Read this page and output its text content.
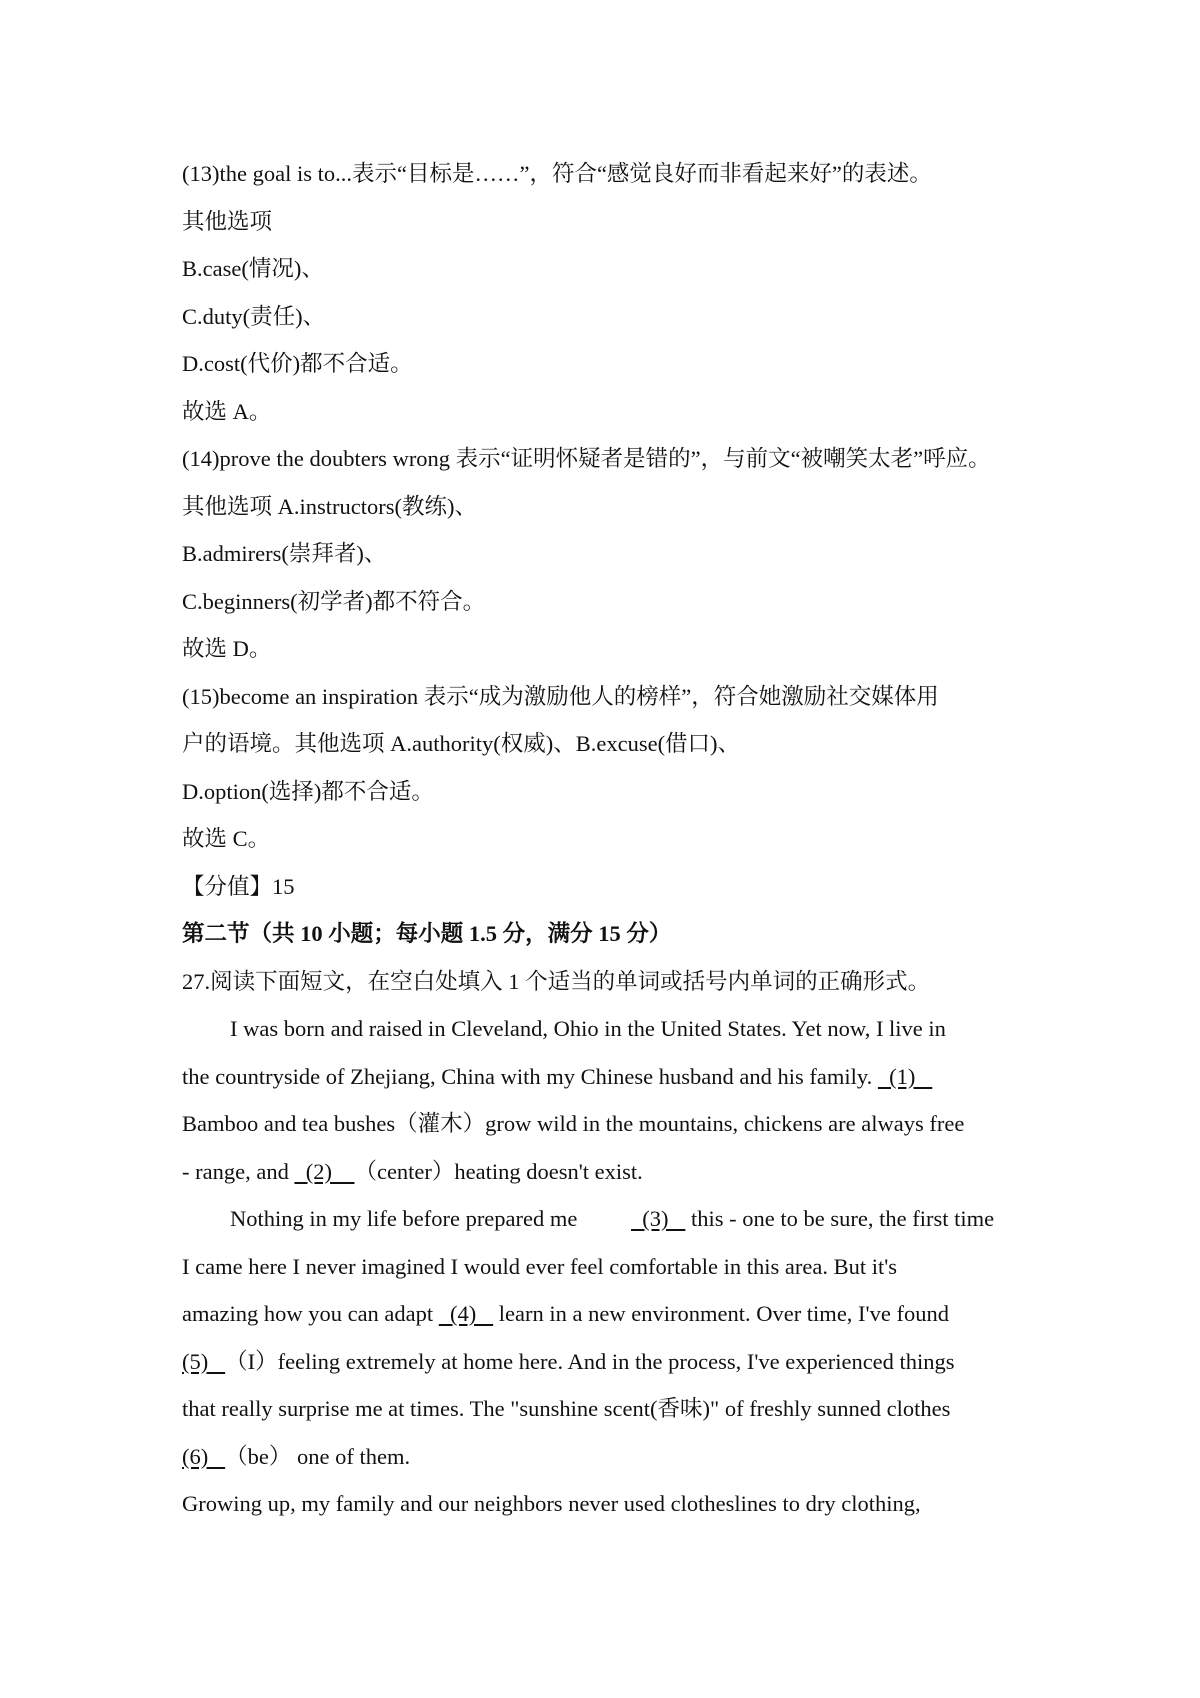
(13)the goal is to...表示“目标是……”，符合“感觉良好而非看起来好”的表述。
其他选项
B.case(情况)、
C.duty(责任)、
D.cost(代价)都不合适。
故选 A。
(14)prove the doubters wrong 表示“证明怀疑者是错的”，与前文“被嘲笑太老”呼应。
其他选项 A.instructors(教练)、
B.admirers(崇拜者)、
C.beginners(初学者)都不符合。
故选 D。
(15)become an inspiration 表示“成为激励他人的榜样”，符合她激励社交媒体用
户的语境。其他选项 A.authority(权威)、B.excuse(借口)、
D.option(选择)都不合适。
故选 C。
【分值】15
第二节（共 10 小题；每小题 1.5 分，满分 15 分）
27.阅读下面短文，在空白处填入 1 个适当的单词或括号内单词的正确形式。
I was born and raised in Cleveland, Ohio in the United States. Yet now, I live in
the countryside of Zhejiang, China with my Chinese husband and his family.   (1)
Bamboo and tea bushes（灌木）grow wild in the mountains, chickens are always free
- range, and   (2)    （center）heating doesn't exist.
Nothing in my life before prepared me   (3)    this - one to be sure, the first time
I came here I never imagined I would ever feel comfortable in this area. But it's
amazing how you can adapt   (4)    learn in a new environment. Over time, I've found
(5)   （I）feeling extremely at home here. And in the process, I've experienced things
that really surprise me at times. The "sunshine scent(香味)" of freshly sunned clothes
(6)   （be） one of them.
Growing up, my family and our neighbors never used clotheslines to dry clothing,
